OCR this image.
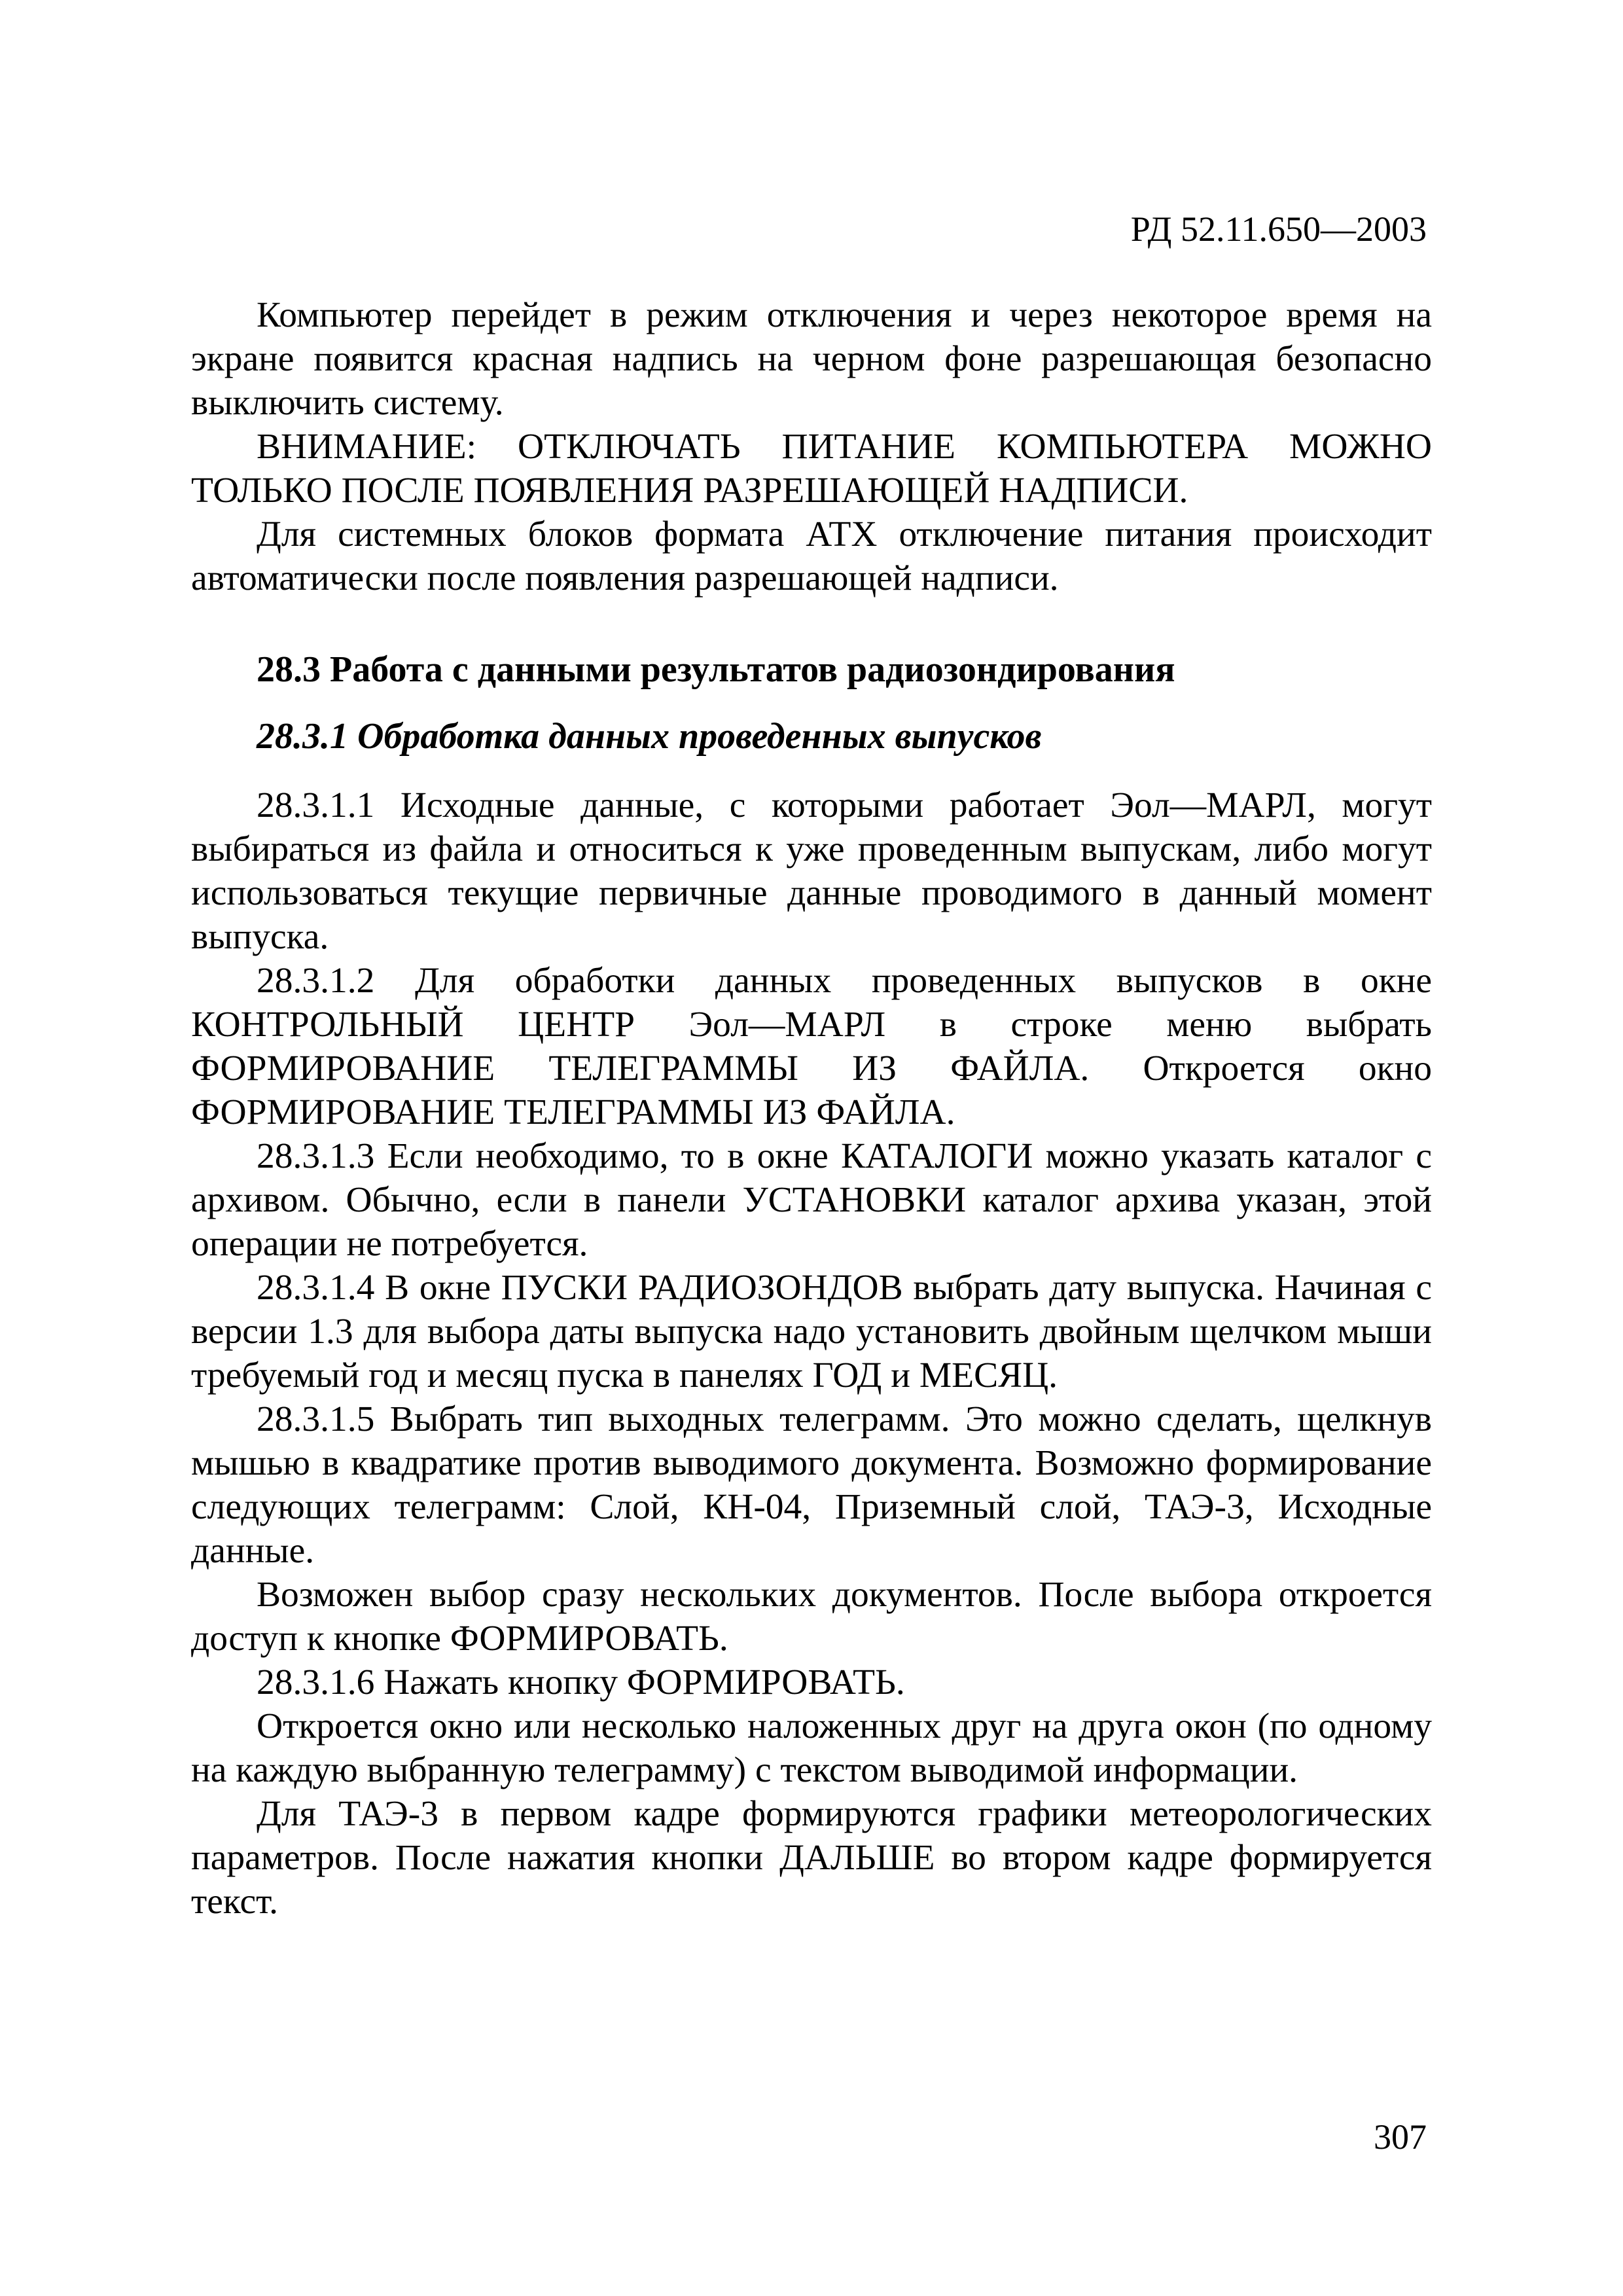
РД 52.11.650—2003

Компьютер перейдет в режим отключения и через некоторое время на экране появится красная надпись на черном фоне разрешающая безопасно выключить систему.

ВНИМАНИЕ: ОТКЛЮЧАТЬ ПИТАНИЕ КОМПЬЮТЕРА МОЖНО ТОЛЬКО ПОСЛЕ ПОЯВЛЕНИЯ РАЗРЕШАЮЩЕЙ НАДПИСИ.

Для системных блоков формата АТХ отключение питания происходит автоматически после появления разрешающей надписи.

28.3 Работа с данными результатов радиозондирования
28.3.1 Обработка данных проведенных выпусков

28.3.1.1 Исходные данные, с которыми работает Эол—МАРЛ, могут выбираться из файла и относиться к уже проведенным выпускам, либо могут использоваться текущие первичные данные проводимого в данный момент выпуска.

28.3.1.2 Для обработки данных проведенных выпусков в окне КОНТРОЛЬНЫЙ ЦЕНТР Эол—МАРЛ в строке меню выбрать ФОРМИРОВАНИЕ ТЕЛЕГРАММЫ ИЗ ФАЙЛА. Откроется окно ФОРМИРОВАНИЕ ТЕЛЕГРАММЫ ИЗ ФАЙЛА.

28.3.1.3 Если необходимо, то в окне КАТАЛОГИ можно указать каталог с архивом. Обычно, если в панели УСТАНОВКИ каталог архива указан, этой операции не потребуется.

28.3.1.4 В окне ПУСКИ РАДИОЗОНДОВ выбрать дату выпуска. Начиная с версии 1.3 для выбора даты выпуска надо установить двойным щелчком мыши требуемый год и месяц пуска в панелях ГОД и МЕСЯЦ.

28.3.1.5 Выбрать тип выходных телеграмм. Это можно сделать, щелкнув мышью в квадратике против выводимого документа. Возможно формирование следующих телеграмм: Слой, КН-04, Приземный слой, ТАЭ-3, Исходные данные.

Возможен выбор сразу нескольких документов. После выбора откроется доступ к кнопке ФОРМИРОВАТЬ.

28.3.1.6 Нажать кнопку ФОРМИРОВАТЬ.

Откроется окно или несколько наложенных друг на друга окон (по одному на каждую выбранную телеграмму) с текстом выводимой информации.

Для ТАЭ-3 в первом кадре формируются графики метеорологических параметров. После нажатия кнопки ДАЛЬШЕ во втором кадре формируется текст.

307
